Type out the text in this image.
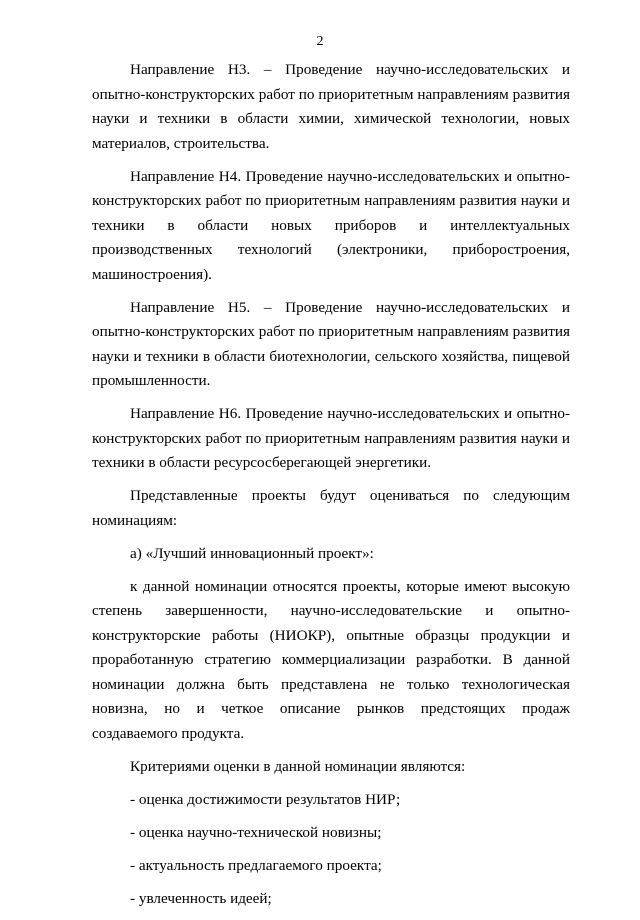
2

Направление Н3. – Проведение научно-исследовательских и опытно-конструкторских работ по приоритетным направлениям развития науки и техники в области химии, химической технологии, новых материалов, строительства.

Направление Н4. Проведение научно-исследовательских и опытно-конструкторских работ по приоритетным направлениям развития науки и техники в области новых приборов и интеллектуальных производственных технологий (электроники, приборостроения, машиностроения).

Направление Н5. – Проведение научно-исследовательских и опытно-конструкторских работ по приоритетным направлениям развития науки и техники в области биотехнологии, сельского хозяйства, пищевой промышленности.

Направление Н6. Проведение научно-исследовательских и опытно-конструкторских работ по приоритетным направлениям развития науки и техники в области ресурсосберегающей энергетики.

Представленные проекты будут оцениваться по следующим номинациям:

а) «Лучший инновационный проект»:

к данной номинации относятся проекты, которые имеют высокую степень завершенности, научно-исследовательские и опытно-конструкторские работы (НИОКР), опытные образцы продукции и проработанную стратегию коммерциализации разработки. В данной номинации должна быть представлена не только технологическая новизна, но и четкое описание рынков предстоящих продаж создаваемого продукта.

Критериями оценки в данной номинации являются:

- оценка достижимости результатов НИР;

- оценка научно-технической новизны;

- актуальность предлагаемого проекта;

- увлеченность идеей;
